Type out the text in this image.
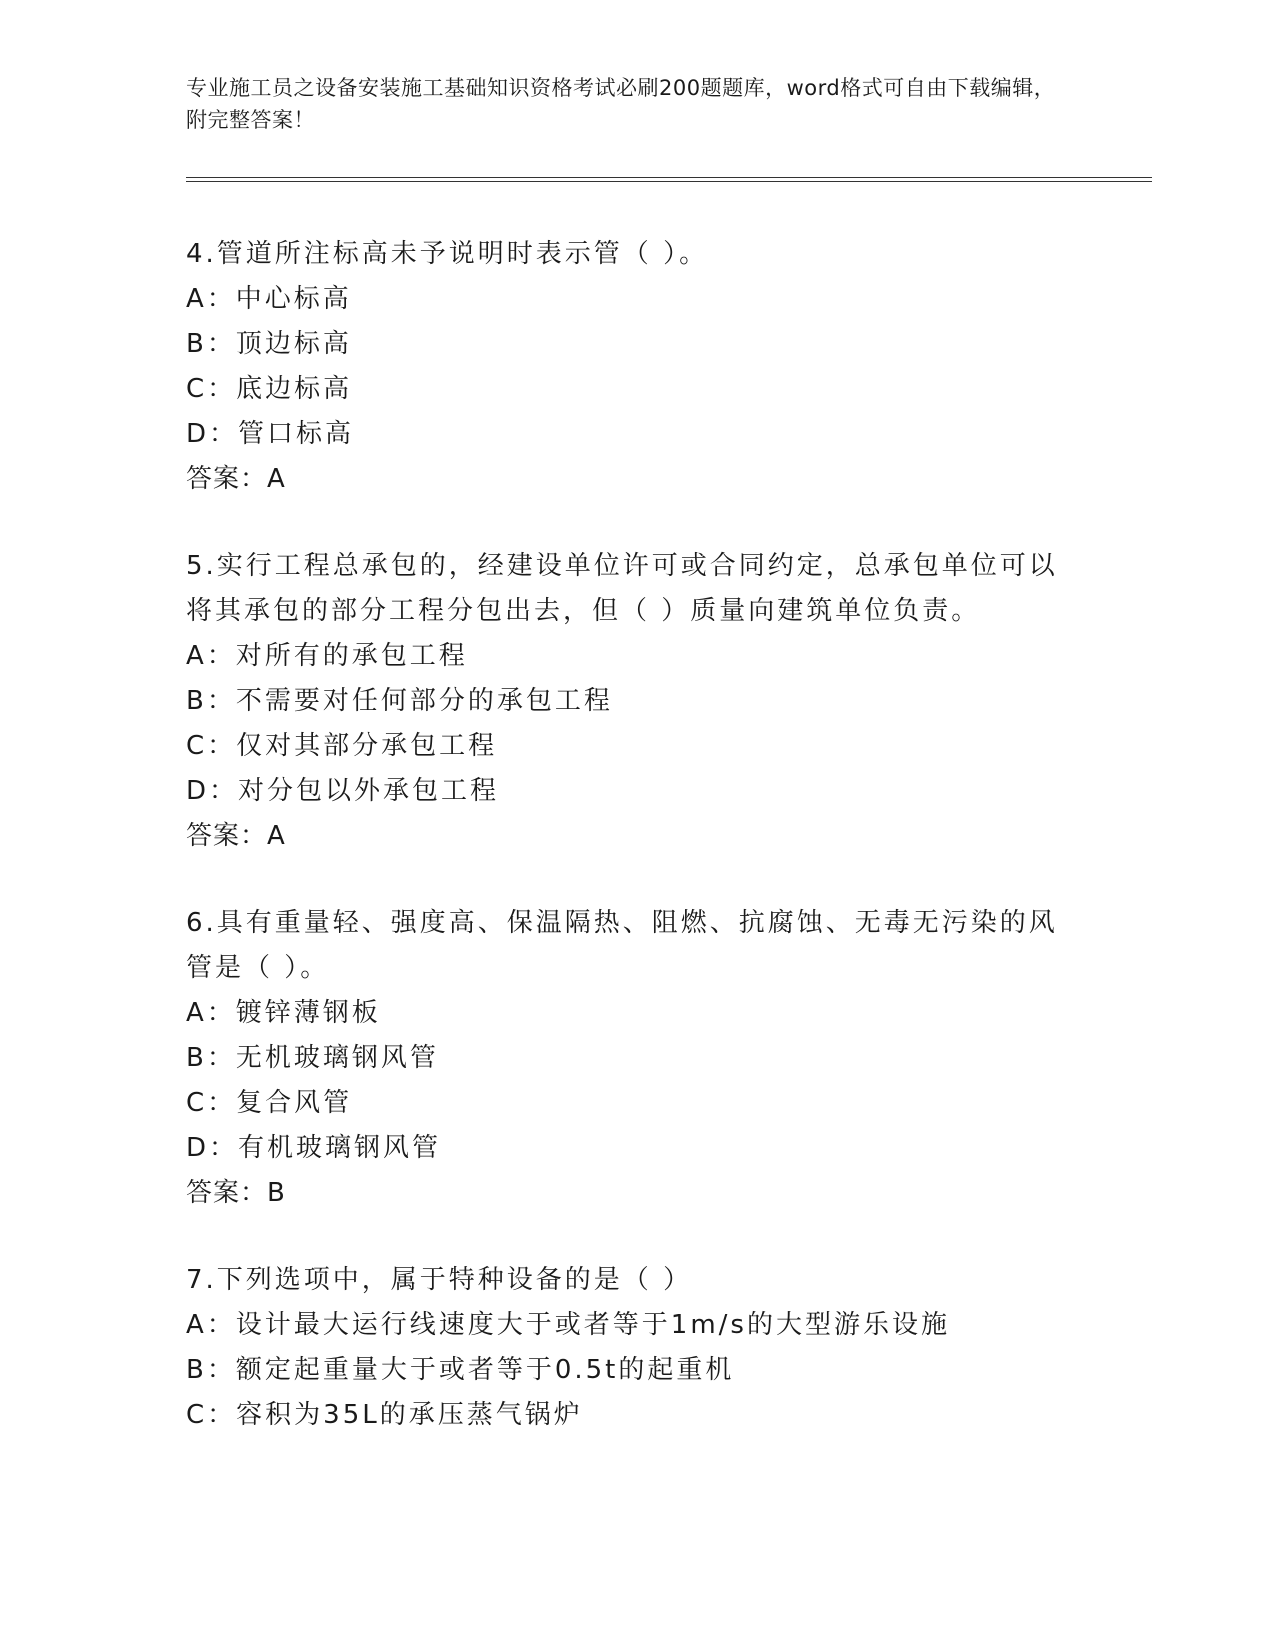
专业施工员之设备安装施工基础知识资格考试必刷200题题库，word格式可自由下载编辑，附完整答案！
4.管道所注标高未予说明时表示管（ ）。
A：中心标高
B：顶边标高
C：底边标高
D：管口标高
答案：A
5.实行工程总承包的，经建设单位许可或合同约定，总承包单位可以将其承包的部分工程分包出去，但（ ）质量向建筑单位负责。
A：对所有的承包工程
B：不需要对任何部分的承包工程
C：仅对其部分承包工程
D：对分包以外承包工程
答案：A
6.具有重量轻、强度高、保温隔热、阻燃、抗腐蚀、无毒无污染的风管是（ ）。
A：镀锌薄钢板
B：无机玻璃钢风管
C：复合风管
D：有机玻璃钢风管
答案：B
7.下列选项中，属于特种设备的是（ ）
A：设计最大运行线速度大于或者等于1m/s的大型游乐设施
B：额定起重量大于或者等于0.5t的起重机
C：容积为35L的承压蒸气锅炉
